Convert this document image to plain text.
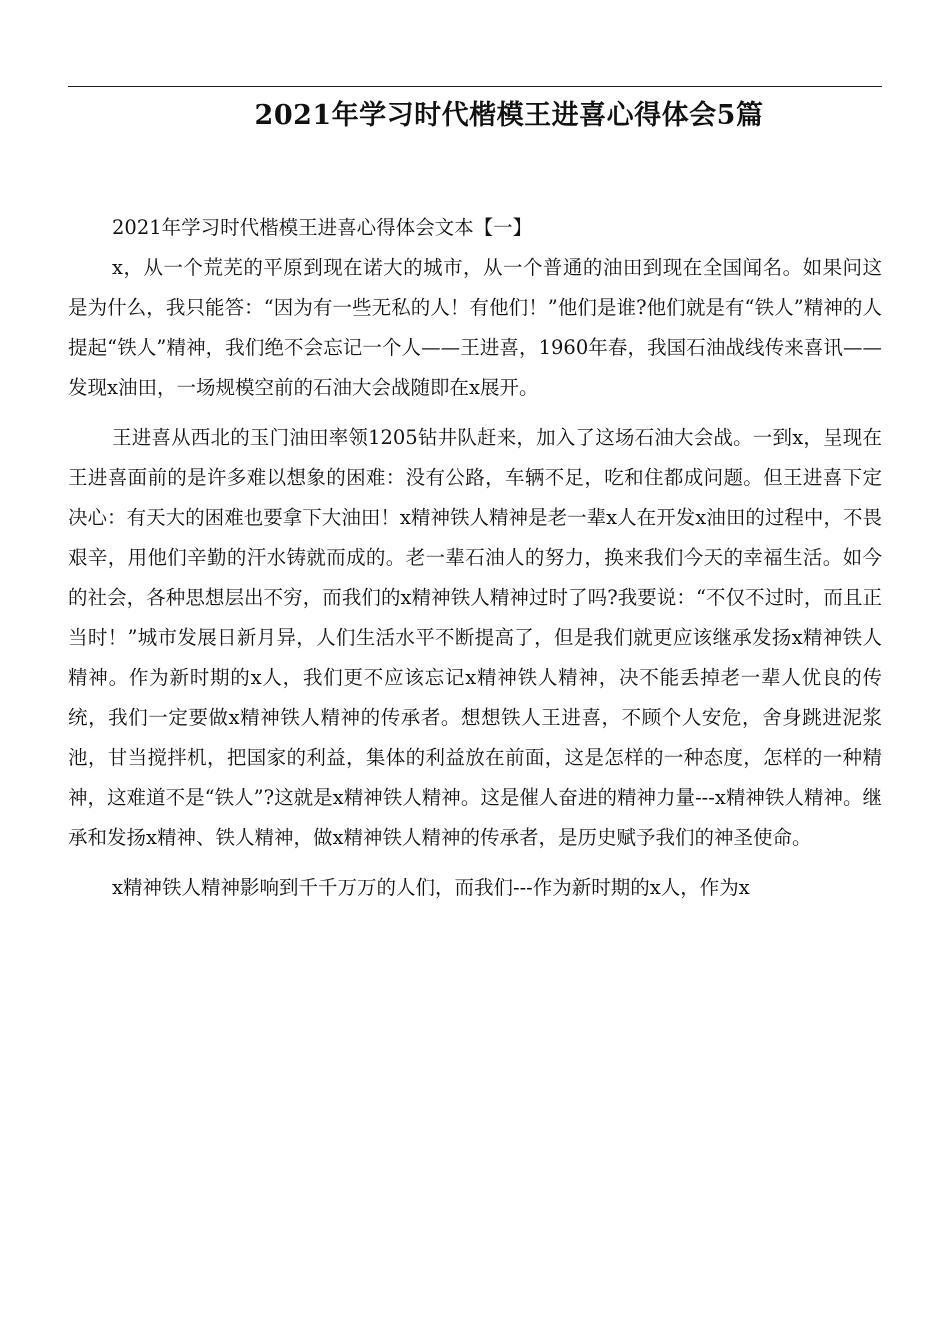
2021年学习时代楷模王进喜心得体会5篇

2021年学习时代楷模王进喜心得体会文本【一】

x，从一个荒芜的平原到现在诺大的城市，从一个普通的油田到现在全国闻名。如果问这是为什么，我只能答：“因为有一些无私的人！有他们！”他们是谁?他们就是有“铁人”精神的人提起“铁人”精神，我们绝不会忘记一个人——王进喜，1960年春，我国石油战线传来喜讯——发现x油田，一场规模空前的石油大会战随即在x展开。

王进喜从西北的玉门油田率领1205钻井队赶来，加入了这场石油大会战。一到x，呈现在王进喜面前的是许多难以想象的困难：没有公路，车辆不足，吃和住都成问题。但王进喜下定决心：有天大的困难也要拿下大油田！x精神铁人精神是老一辈x人在开发x油田的过程中，不畏艰辛，用他们辛勤的汗水铸就而成的。老一辈石油人的努力，换来我们今天的幸福生活。如今的社会，各种思想层出不穷，而我们的x精神铁人精神过时了吗?我要说：“不仅不过时，而且正当时！”城市发展日新月异，人们生活水平不断提高了，但是我们就更应该继承发扬x精神铁人精神。作为新时期的x人，我们更不应该忘记x精神铁人精神，决不能丢掉老一辈人优良的传统，我们一定要做x精神铁人精神的传承者。想想铁人王进喜，不顾个人安危，舍身跳进泥浆池，甘当搅拌机，把国家的利益，集体的利益放在前面，这是怎样的一种态度，怎样的一种精神，这难道不是“铁人”?这就是x精神铁人精神。这是催人奋进的精神力量---x精神铁人精神。继承和发扬x精神、铁人精神，做x精神铁人精神的传承者，是历史赋予我们的神圣使命。

x精神铁人精神影响到千千万万的人们，而我们---作为新时期的x人，作为x
